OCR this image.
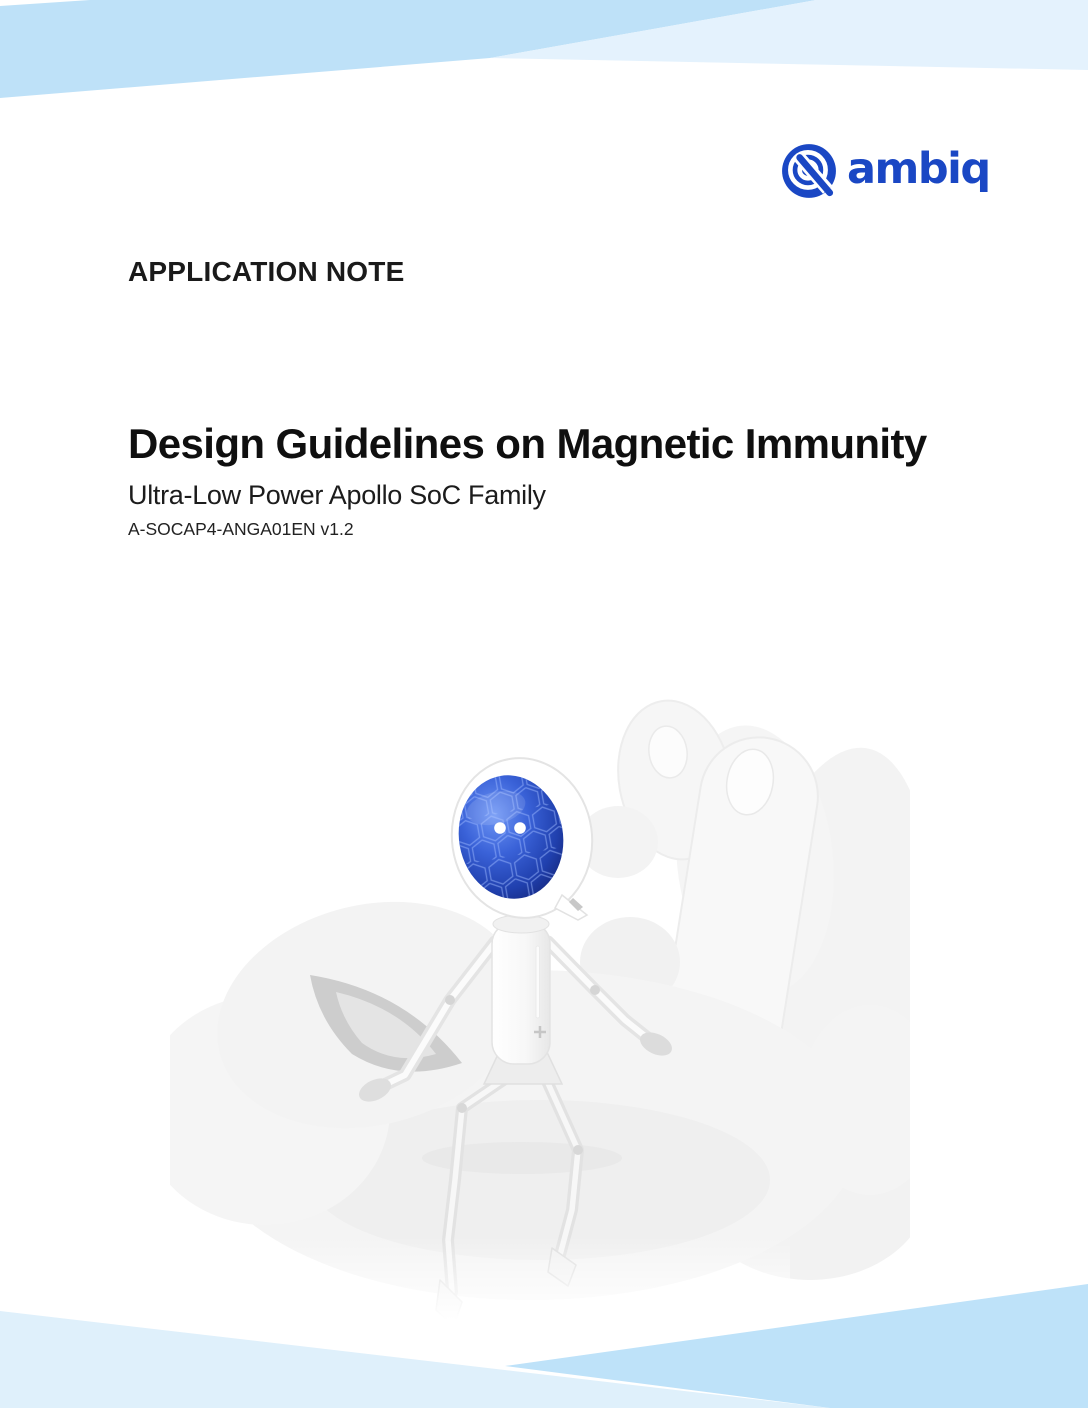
ambiq
APPLICATION NOTE
Design Guidelines on Magnetic Immunity
Ultra-Low Power Apollo SoC Family
A-SOCAP4-ANGA01EN v1.2
